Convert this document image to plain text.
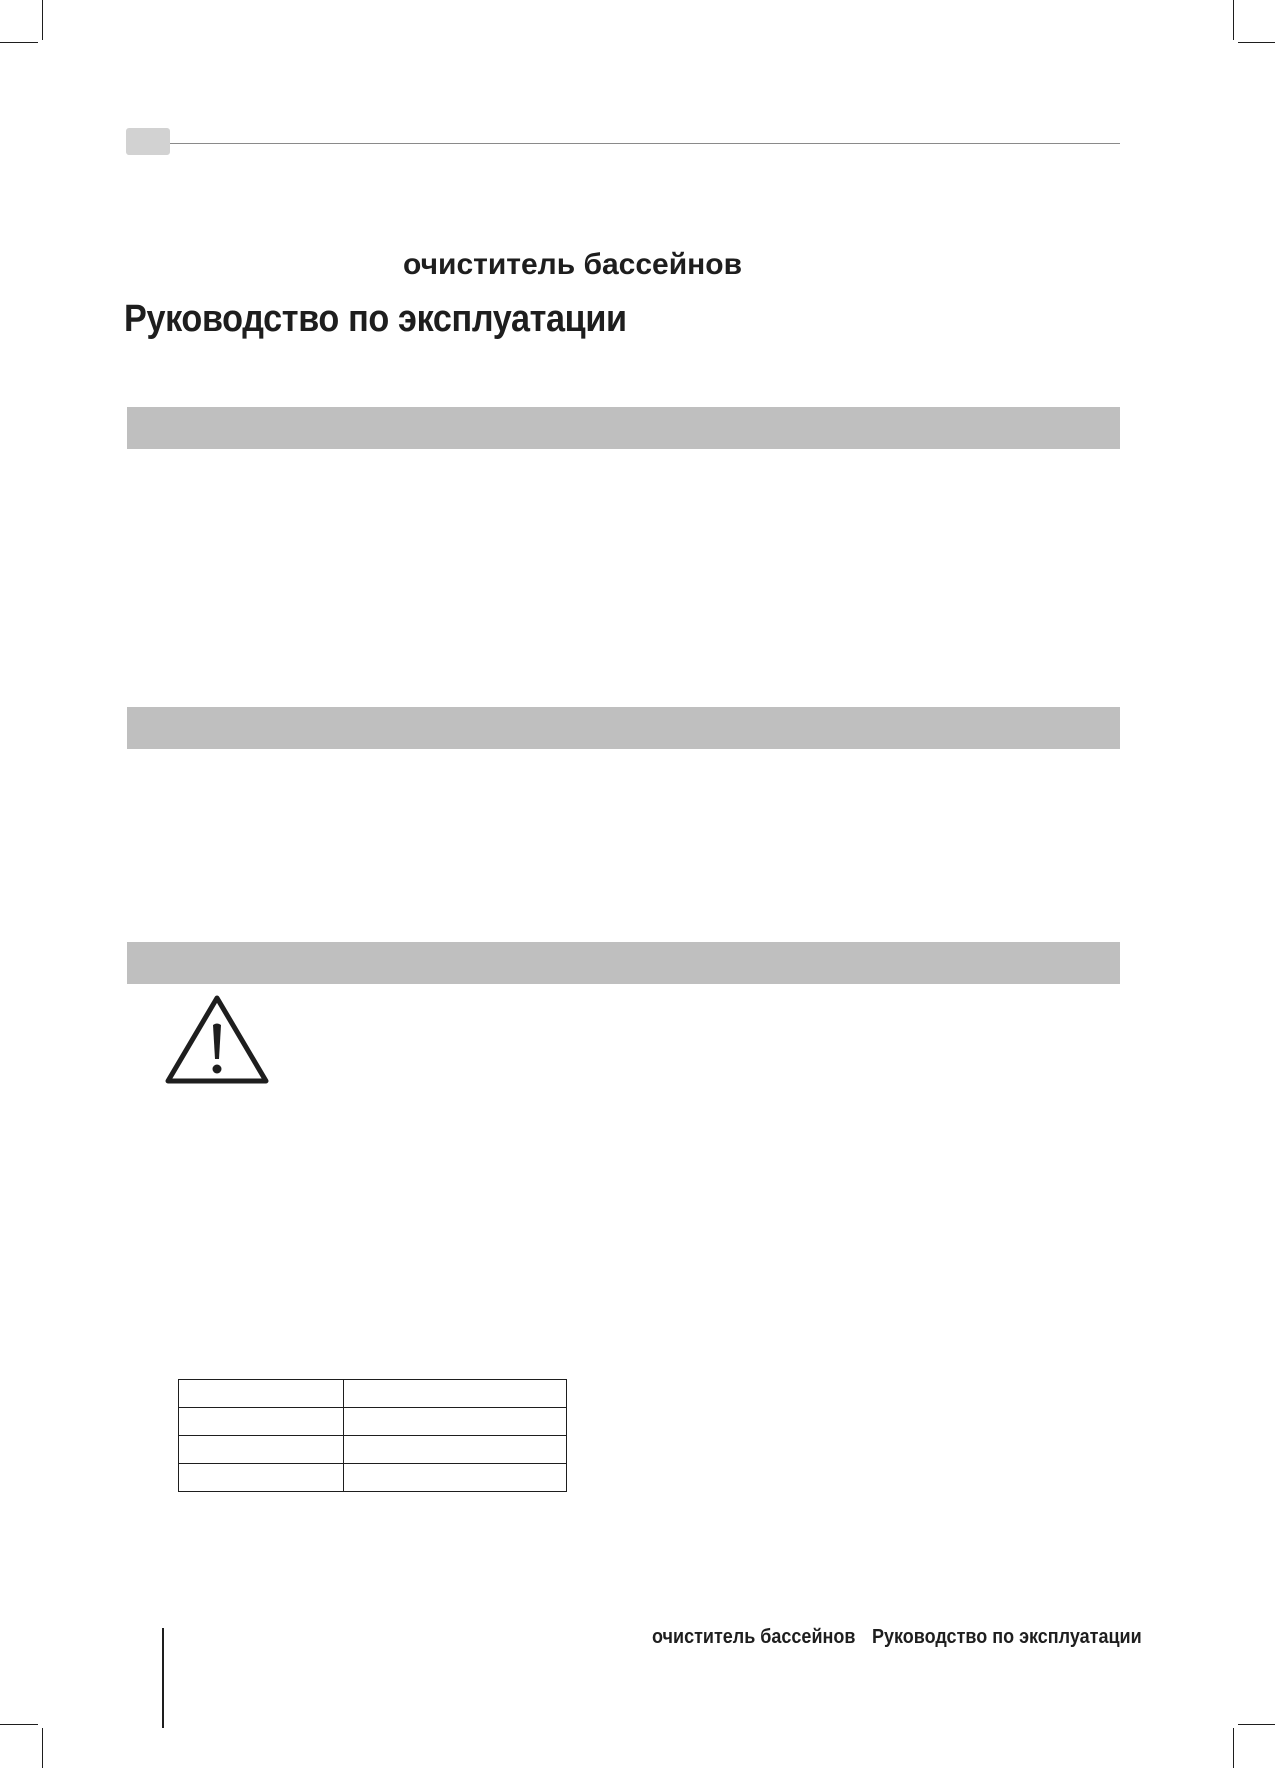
очиститель бассейнов
Руководство по эксплуатации

очиститель бассейнов Руководство по эксплуатации
